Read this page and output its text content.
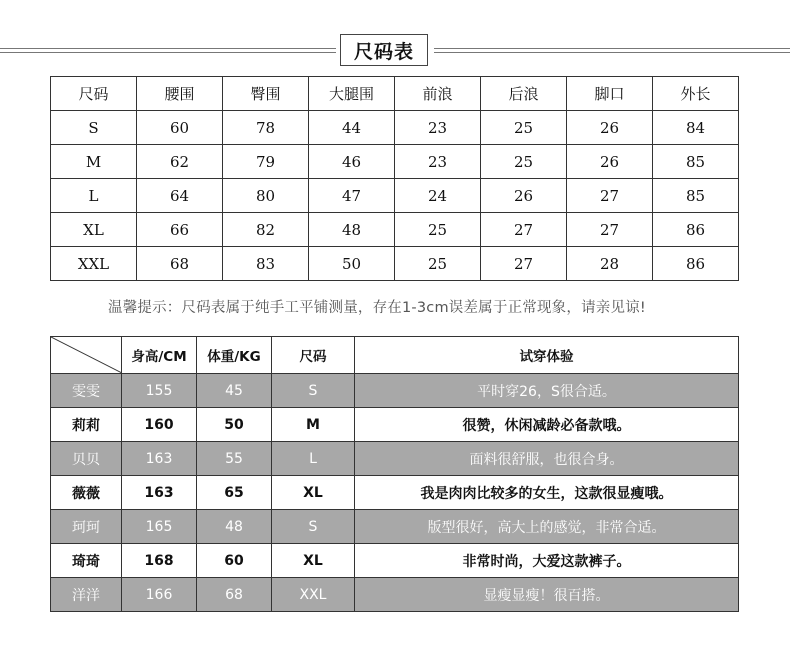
尺码表
尺码	腰围	臀围	大腿围	前浪	后浪	脚口	外长
S	60	78	44	23	25	26	84
M	62	79	46	23	25	26	85
L	64	80	47	24	26	27	85
XL	66	82	48	25	27	27	86
XXL	68	83	50	25	27	28	86
温馨提示：尺码表属于纯手工平铺测量，存在1-3cm误差属于正常现象，请亲见谅!
	身高/CM	体重/KG	尺码	试穿体验
雯雯	155	45	S	平时穿26，S很合适。
莉莉	160	50	M	很赞，休闲减龄必备款哦。
贝贝	163	55	L	面料很舒服，也很合身。
薇薇	163	65	XL	我是肉肉比较多的女生，这款很显瘦哦。
珂珂	165	48	S	版型很好，高大上的感觉，非常合适。
琦琦	168	60	XL	非常时尚，大爱这款裤子。
洋洋	166	68	XXL	显瘦显瘦！很百搭。
